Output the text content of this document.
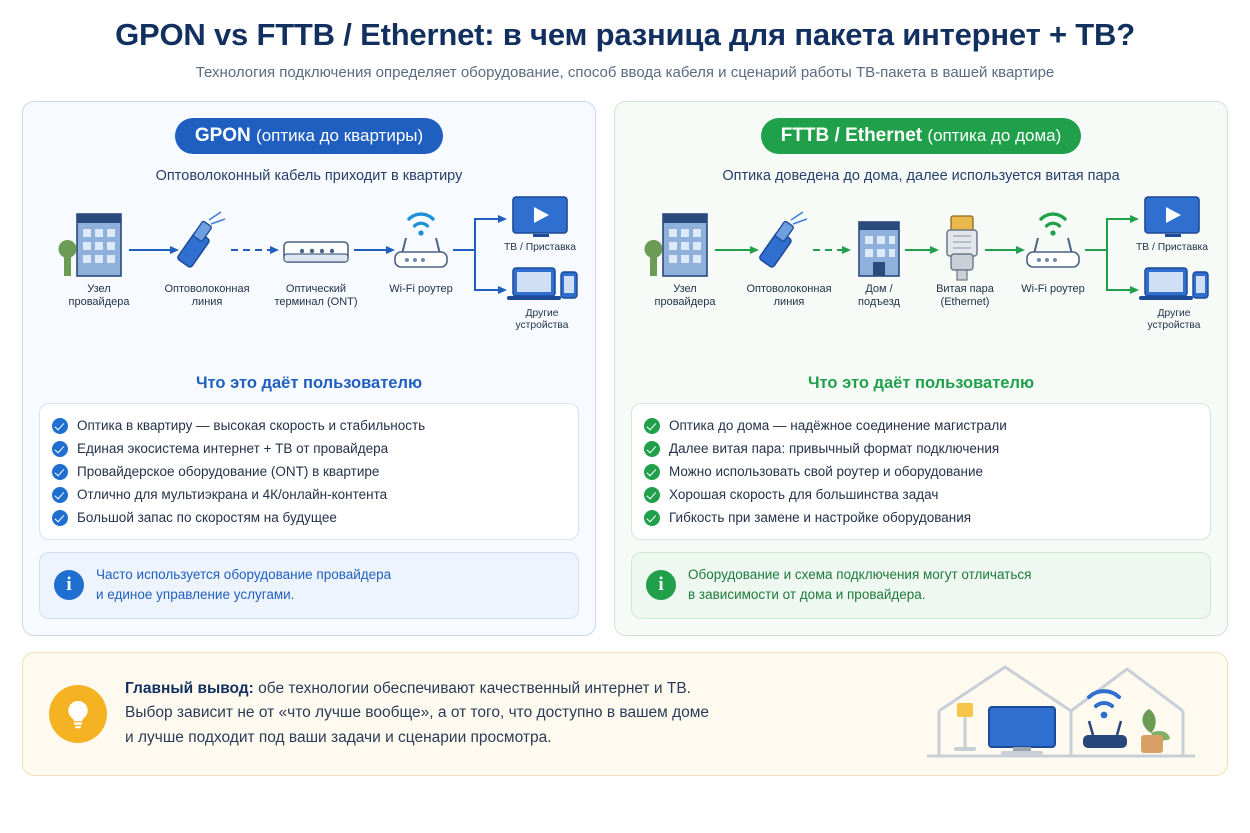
GPON vs FTTB / Ethernet: в чем разница для пакета интернет + ТВ?
Технология подключения определяет оборудование, способ ввода кабеля и сценарий работы ТВ-пакета в вашей квартире
GPON (оптика до квартиры)
Оптоволоконный кабель приходит в квартиру
Узел
провайдера
Оптоволоконная
линия
Оптический
терминал (ONT)
Wi-Fi роутер
ТВ / Приставка
Другие
устройства
Что это даёт пользователю
Оптика в квартиру — высокая скорость и стабильность
Единая экосистема интернет + ТВ от провайдера
Провайдерское оборудование (ONT) в квартире
Отлично для мультиэкрана и 4К/онлайн-контента
Большой запас по скоростям на будущее
i	Часто используется оборудование провайдера
и единое управление услугами.
FTTB / Ethernet (оптика до дома)
Оптика доведена до дома, далее используется витая пара
Узел
провайдера
Оптоволоконная
линия
Дом /
подъезд
Витая пара
(Ethernet)
Wi-Fi роутер
ТВ / Приставка
Другие
устройства
Что это даёт пользователю
Оптика до дома — надёжное соединение магистрали
Далее витая пара: привычный формат подключения
Можно использовать свой роутер и оборудование
Хорошая скорость для большинства задач
Гибкость при замене и настройке оборудования
i	Оборудование и схема подключения могут отличаться
в зависимости от дома и провайдера.
Главный вывод: обе технологии обеспечивают качественный интернет и ТВ.
Выбор зависит не от «что лучше вообще», а от того, что доступно в вашем доме
и лучше подходит под ваши задачи и сценарии просмотра.
